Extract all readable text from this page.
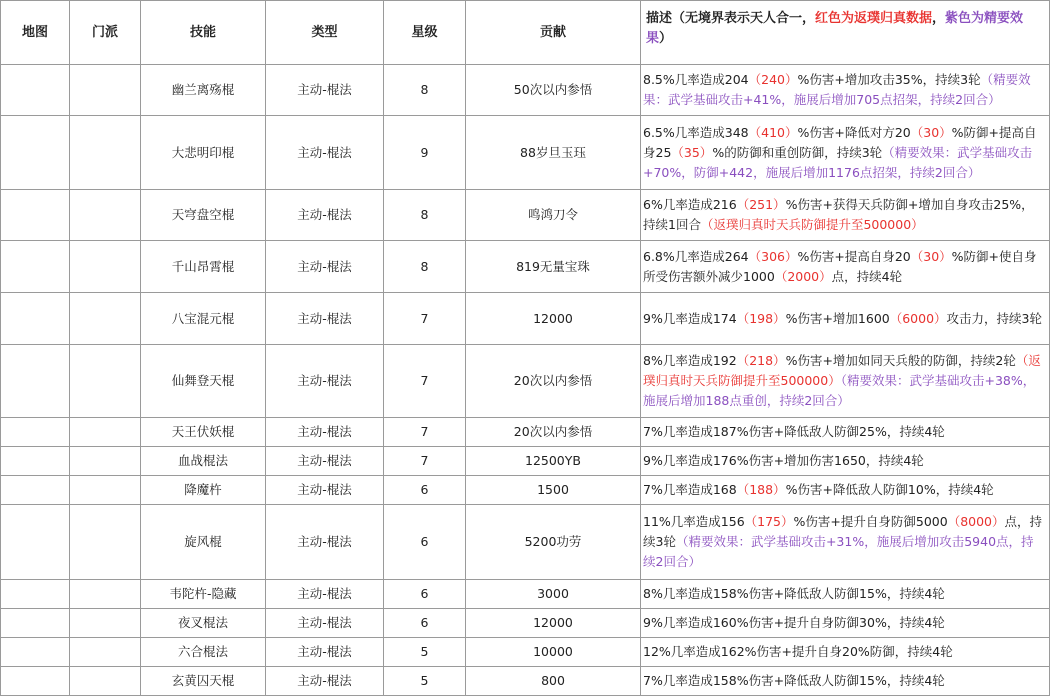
地图	门派	技能	类型	星级	贡献	描述（无境界表示天人合一，红色为返璞归真数据，紫色为精要效果）
		幽兰离殇棍	主动-棍法	8	50次以内参悟	8.5%几率造成204（240）%伤害+增加攻击35%，持续3轮（精要效果：武学基础攻击+41%，施展后增加705点招架，持续2回合）
		大悲明印棍	主动-棍法	9	88岁旦玉珏	6.5%几率造成348（410）%伤害+降低对方20（30）%防御+提高自身25（35）%的防御和重创防御，持续3轮（精要效果：武学基础攻击+70%，防御+442，施展后增加1176点招架，持续2回合）
		天穹盘空棍	主动-棍法	8	鸣鸿刀令	6%几率造成216（251）%伤害+获得天兵防御+增加自身攻击25%，持续1回合（返璞归真时天兵防御提升至500000）
		千山昂霄棍	主动-棍法	8	819无量宝珠	6.8%几率造成264（306）%伤害+提高自身20（30）%防御+使自身所受伤害额外减少1000（2000）点，持续4轮
		八宝混元棍	主动-棍法	7	12000	9%几率造成174（198）%伤害+增加1600（6000）攻击力，持续3轮
		仙舞登天棍	主动-棍法	7	20次以内参悟	8%几率造成192（218）%伤害+增加如同天兵般的防御，持续2轮（返璞归真时天兵防御提升至500000）（精要效果：武学基础攻击+38%，施展后增加188点重创，持续2回合）
		天王伏妖棍	主动-棍法	7	20次以内参悟	7%几率造成187%伤害+降低敌人防御25%，持续4轮
		血战棍法	主动-棍法	7	12500YB	9%几率造成176%伤害+增加伤害1650，持续4轮
		降魔杵	主动-棍法	6	1500	7%几率造成168（188）%伤害+降低敌人防御10%，持续4轮
		旋风棍	主动-棍法	6	5200功劳	11%几率造成156（175）%伤害+提升自身防御5000（8000）点，持续3轮（精要效果：武学基础攻击+31%，施展后增加攻击5940点，持续2回合）
		韦陀杵-隐藏	主动-棍法	6	3000	8%几率造成158%伤害+降低敌人防御15%，持续4轮
		夜叉棍法	主动-棍法	6	12000	9%几率造成160%伤害+提升自身防御30%，持续4轮
		六合棍法	主动-棍法	5	10000	12%几率造成162%伤害+提升自身20%防御，持续4轮
		玄黄囚天棍	主动-棍法	5	800	7%几率造成158%伤害+降低敌人防御15%，持续4轮
